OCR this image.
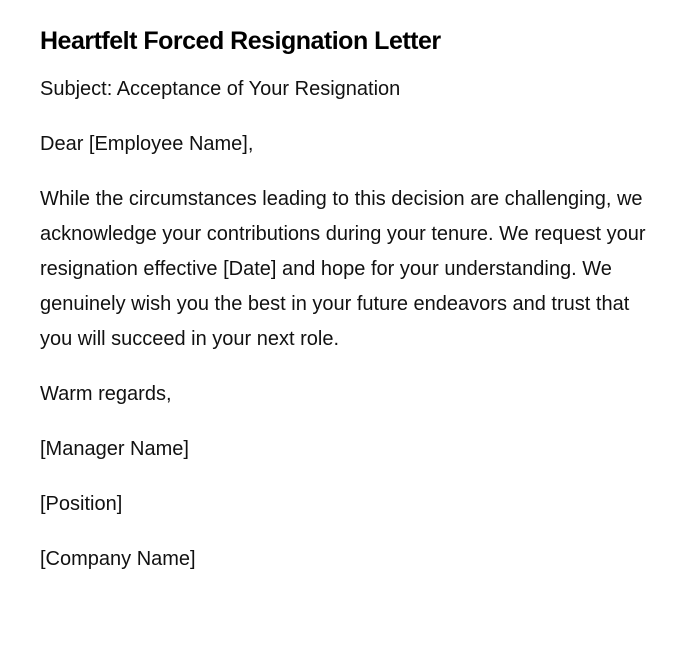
Heartfelt Forced Resignation Letter

Subject: Acceptance of Your Resignation

Dear [Employee Name],

While the circumstances leading to this decision are challenging, we acknowledge your contributions during your tenure. We request your resignation effective [Date] and hope for your understanding. We genuinely wish you the best in your future endeavors and trust that you will succeed in your next role.

Warm regards,

[Manager Name]

[Position]

[Company Name]
